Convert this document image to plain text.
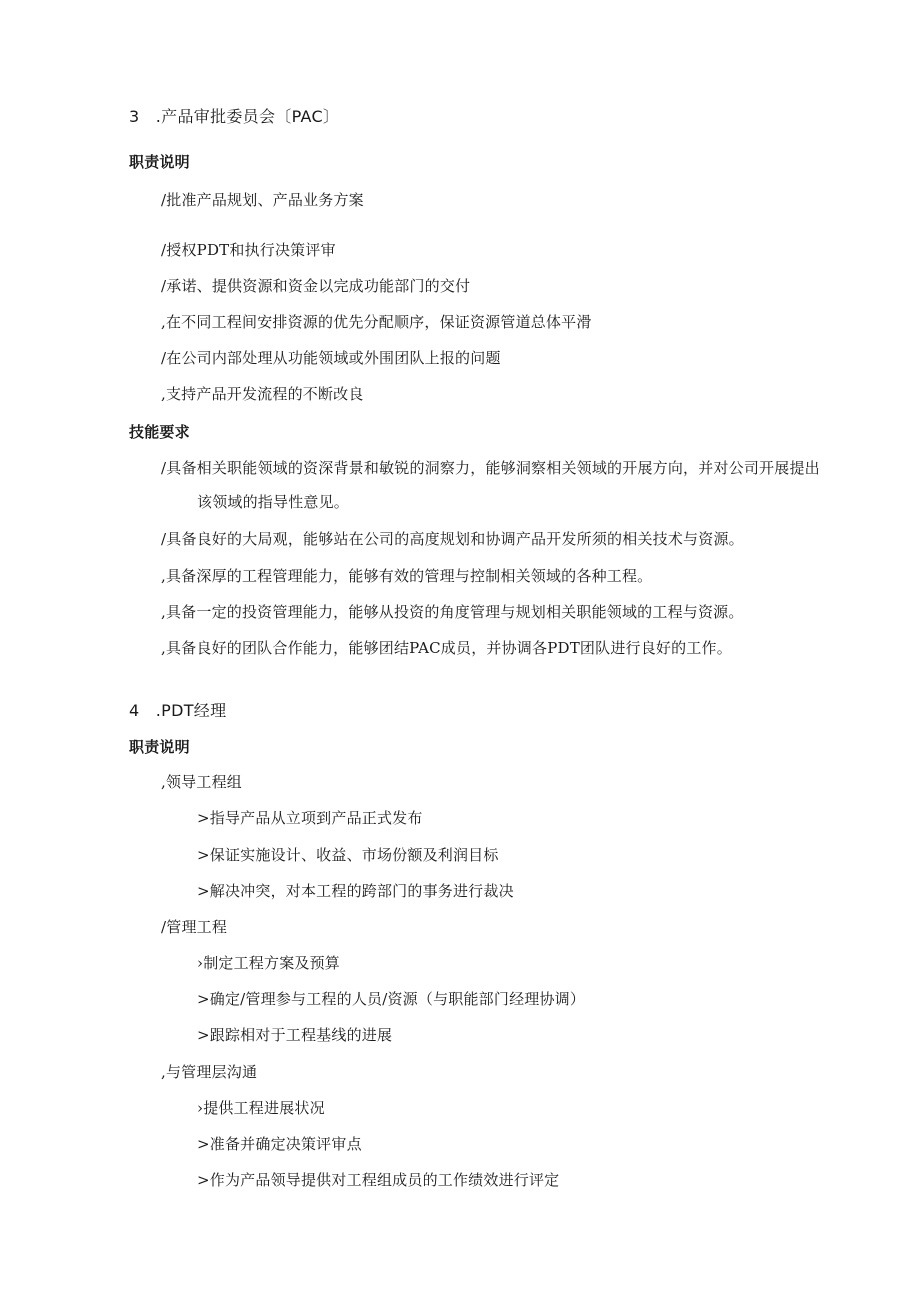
3　.产品审批委员会〔PAC〕
职责说明
/批准产品规划、产品业务方案
/授权PDT和执行决策评审
/承诺、提供资源和资金以完成功能部门的交付
,在不同工程间安排资源的优先分配顺序，保证资源管道总体平滑
/在公司内部处理从功能领域或外围团队上报的问题
,支持产品开发流程的不断改良
技能要求
/具备相关职能领域的资深背景和敏锐的洞察力，能够洞察相关领域的开展方向，并对公司开展提出
该领域的指导性意见。
/具备良好的大局观，能够站在公司的高度规划和协调产品开发所须的相关技术与资源。
,具备深厚的工程管理能力，能够有效的管理与控制相关领域的各种工程。
,具备一定的投资管理能力，能够从投资的角度管理与规划相关职能领域的工程与资源。
,具备良好的团队合作能力，能够团结PAC成员，并协调各PDT团队进行良好的工作。
4　.PDT经理
职责说明
,领导工程组
>指导产品从立项到产品正式发布
>保证实施设计、收益、市场份额及利润目标
>解决冲突，对本工程的跨部门的事务进行裁决
/管理工程
›制定工程方案及预算
>确定/管理参与工程的人员/资源（与职能部门经理协调）
>跟踪相对于工程基线的进展
,与管理层沟通
›提供工程进展状况
>准备并确定决策评审点
>作为产品领导提供对工程组成员的工作绩效进行评定
